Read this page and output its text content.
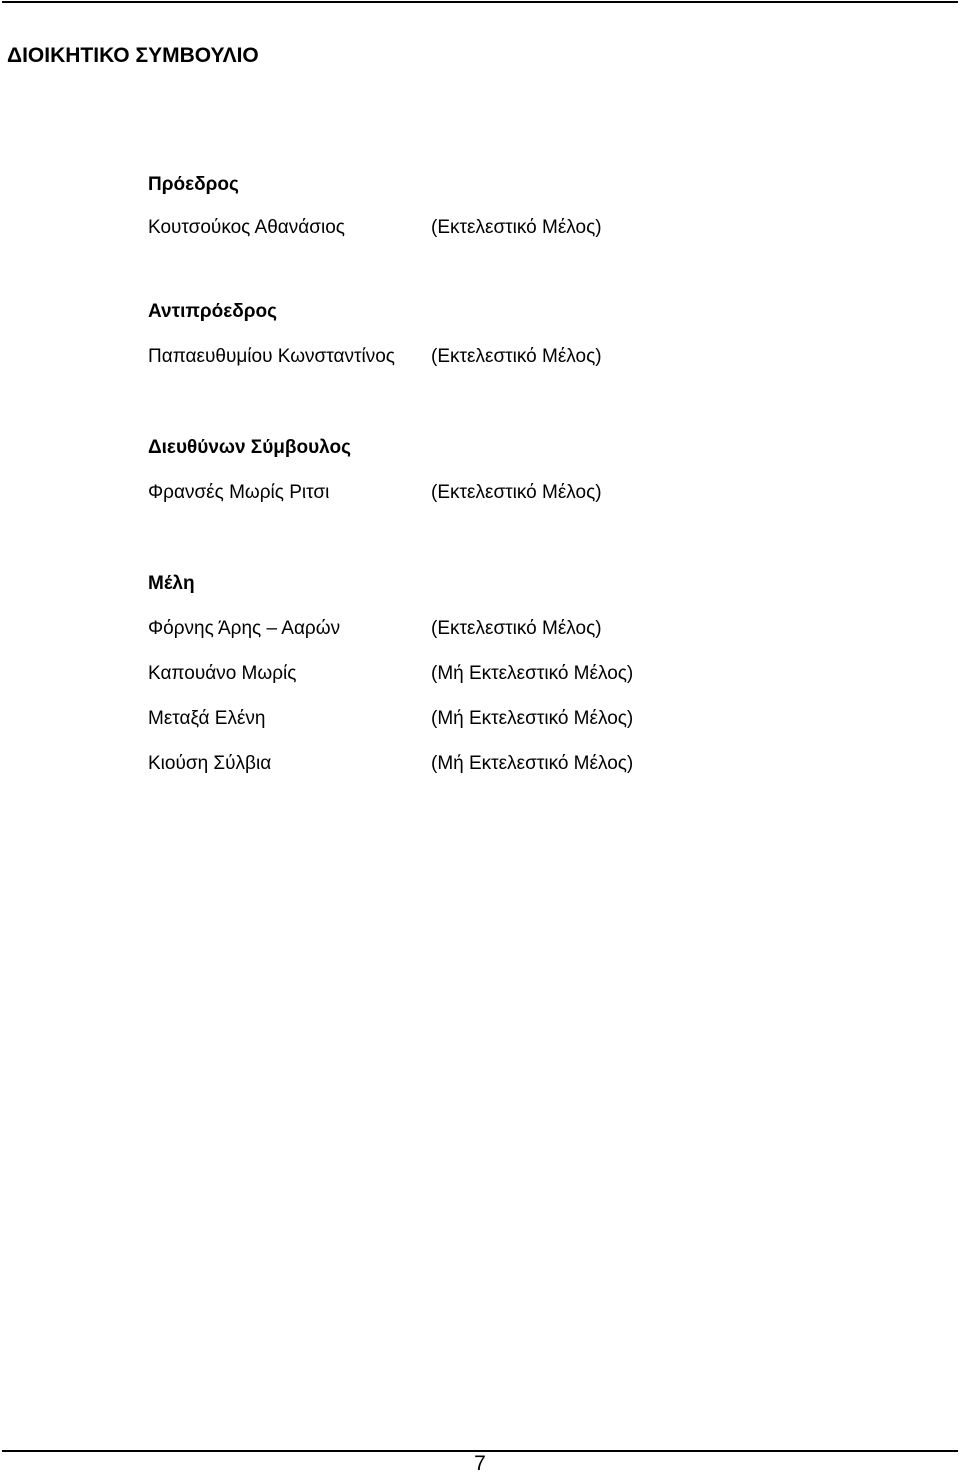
ΔΙΟΙΚΗΤΙΚΟ ΣΥΜΒΟΥΛΙΟ
Πρόεδρος
Κουτσούκος Αθανάσιος	(Εκτελεστικό Μέλος)
Αντιπρόεδρος
Παπαευθυμίου Κωνσταντίνος (Εκτελεστικό Μέλος)
Διευθύνων Σύμβουλος
Φρανσές Μωρίς Ριτσι	(Εκτελεστικό Μέλος)
Μέλη
Φόρνης Άρης – Ααρών	(Εκτελεστικό Μέλος)
Καπουάνο Μωρίς	(Μή Εκτελεστικό Μέλος)
Μεταξά Ελένη	(Μή Εκτελεστικό Μέλος)
Κιούση Σύλβια	(Μή Εκτελεστικό Μέλος)
7
